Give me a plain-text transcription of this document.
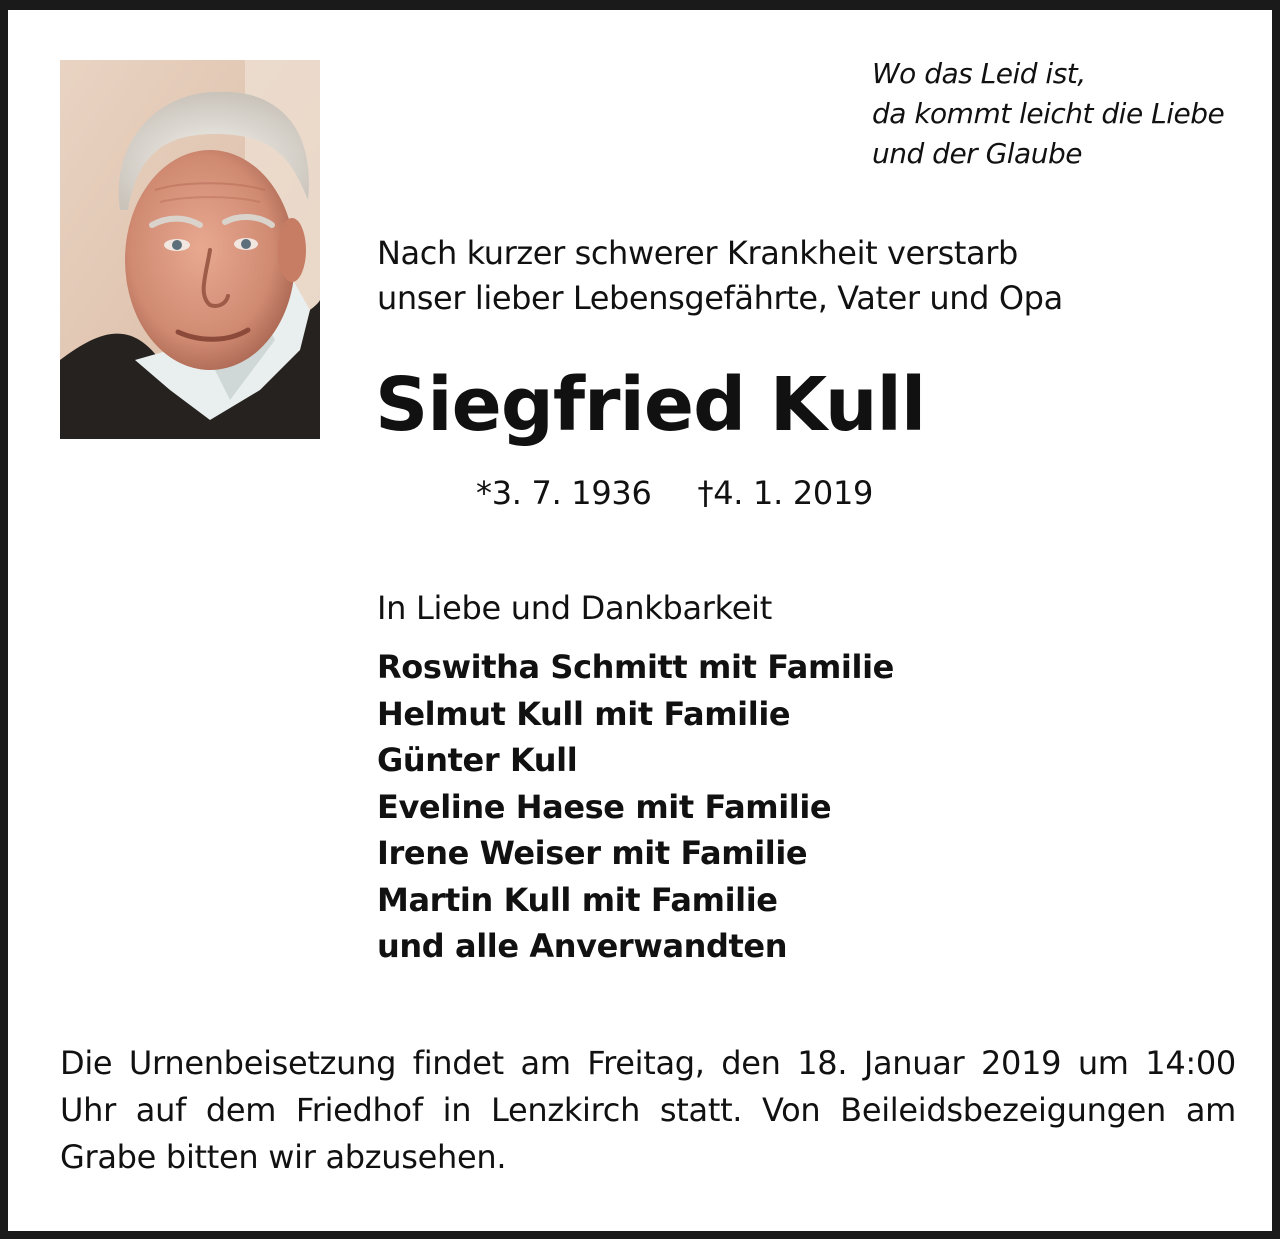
Wo das Leid ist,
da kommt leicht die Liebe
und der Glaube
Nach kurzer schwerer Krankheit verstarb
unser lieber Lebensgefährte, Vater und Opa
Siegfried Kull
*3. 7. 1936 †4. 1. 2019
In Liebe und Dankbarkeit
Roswitha Schmitt mit Familie
Helmut Kull mit Familie
Günter Kull
Eveline Haese mit Familie
Irene Weiser mit Familie
Martin Kull mit Familie
und alle Anverwandten
Die Urnenbeisetzung findet am Freitag, den 18. Januar 2019 um 14:00
Uhr auf dem Friedhof in Lenzkirch statt. Von Beileidsbezeigungen am
Grabe bitten wir abzusehen.
